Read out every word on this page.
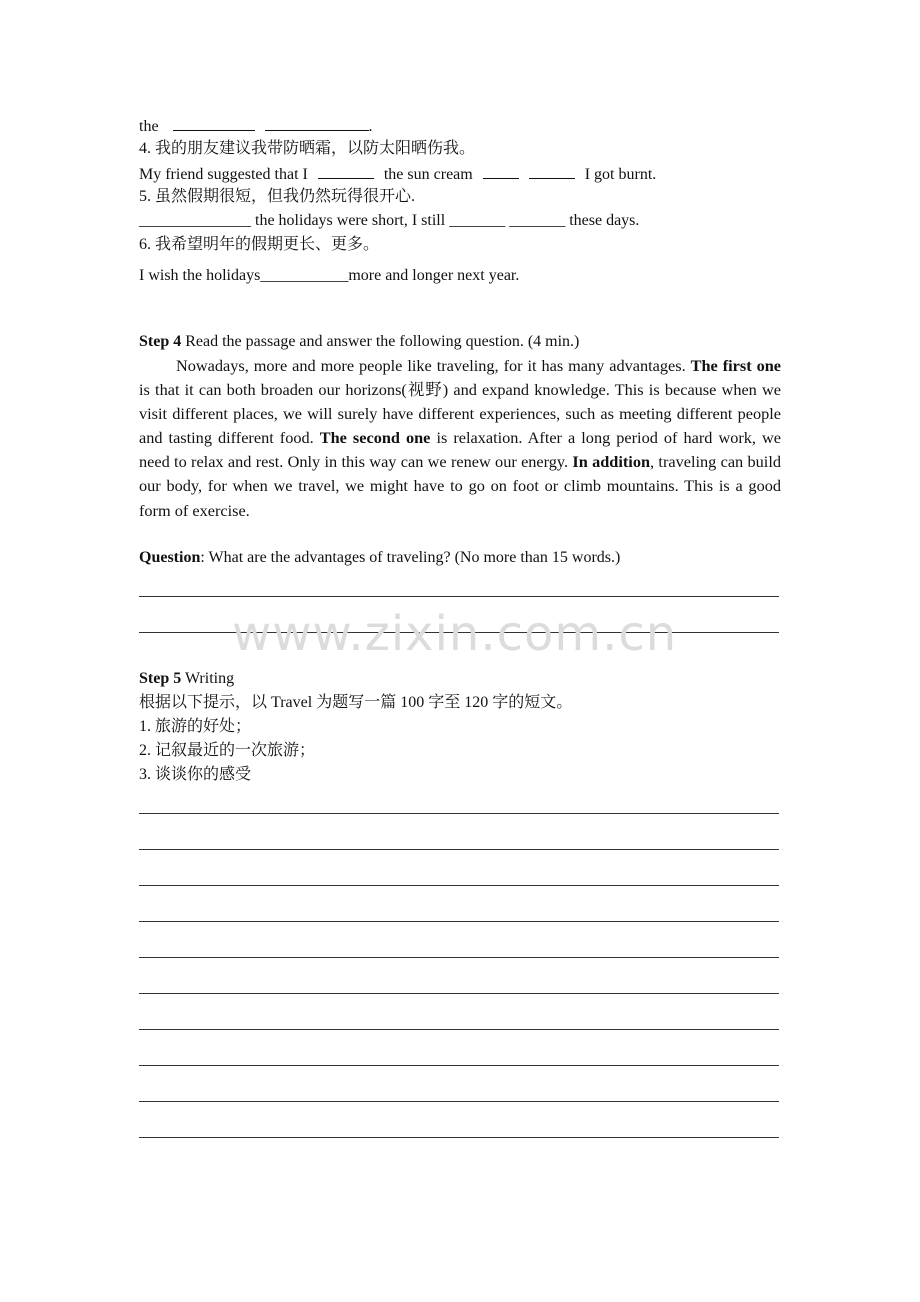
the	.
4. 我的朋友建议我带防晒霜，以防太阳晒伤我。
My friend suggested that I	the sun cream	I got burnt.
5. 虽然假期很短，但我仍然玩得很开心.
______________ the holidays were short, I still _______ _______ these days.
6. 我希望明年的假期更长、更多。
I wish the holidays___________more and longer next year.
Step 4 Read the passage and answer the following question. (4 min.)
Nowadays, more and more people like traveling, for it has many advantages. The first one is that it can both broaden our horizons(视野) and expand knowledge. This is because when we visit different places, we will surely have different experiences, such as meeting different people and tasting different food. The second one is relaxation. After a long period of hard work, we need to relax and rest. Only in this way can we renew our energy. In addition, traveling can build our body, for when we travel, we might have to go on foot or climb mountains. This is a good form of exercise.
Question: What are the advantages of traveling? (No more than 15 words.)
www.zixin.com.cn
Step 5 Writing
根据以下提示，以 Travel 为题写一篇 100 字至 120 字的短文。
1. 旅游的好处；
2. 记叙最近的一次旅游；
3. 谈谈你的感受
